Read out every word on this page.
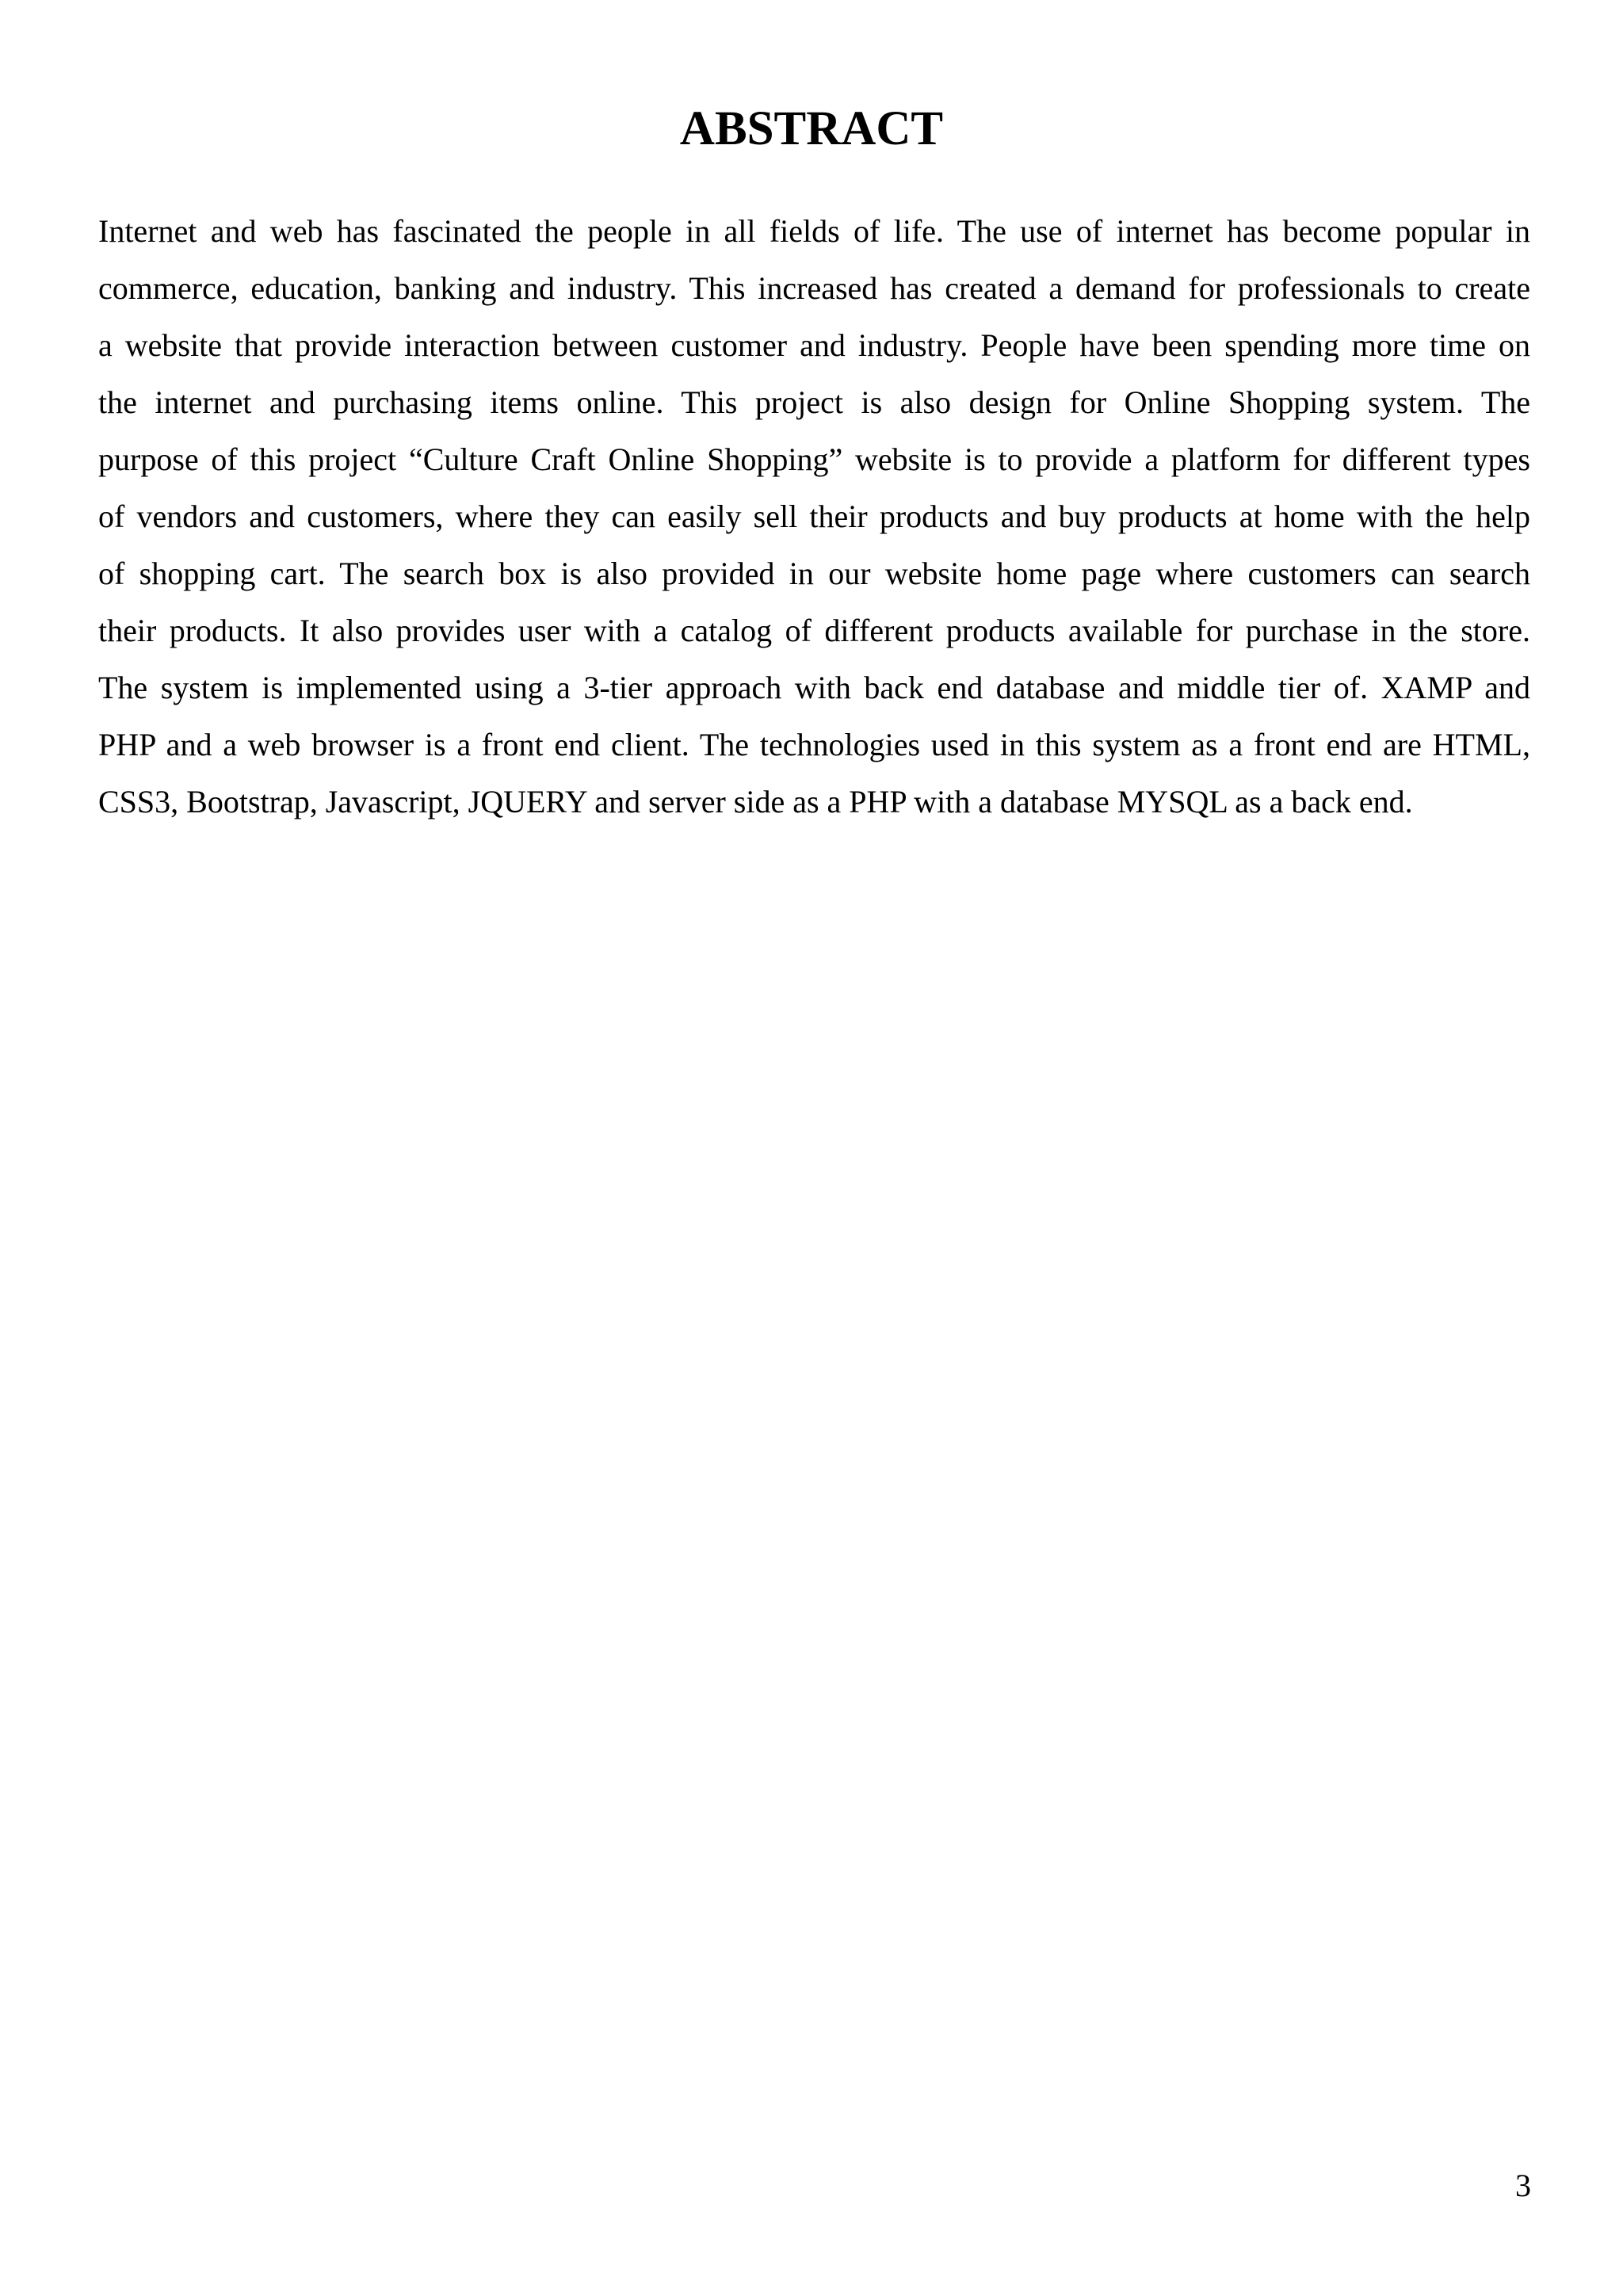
ABSTRACT
Internet and web has fascinated the people in all fields of life. The use of internet has become popular in
commerce, education, banking and industry. This increased has created a demand for professionals to create
a website that provide interaction between customer and industry. People have been spending more time on
the internet and purchasing items online. This project is also design for Online Shopping system. The
purpose of this project “Culture Craft Online Shopping” website is to provide a platform for different types
of vendors and customers, where they can easily sell their products and buy products at home with the help
of shopping cart. The search box is also provided in our website home page where customers can search
their products. It also provides user with a catalog of different products available for purchase in the store.
The system is implemented using a 3-tier approach with back end database and middle tier of. XAMP and
PHP and a web browser is a front end client. The technologies used in this system as a front end are HTML,
CSS3, Bootstrap, Javascript, JQUERY and server side as a PHP with a database MYSQL as a back end.

3
